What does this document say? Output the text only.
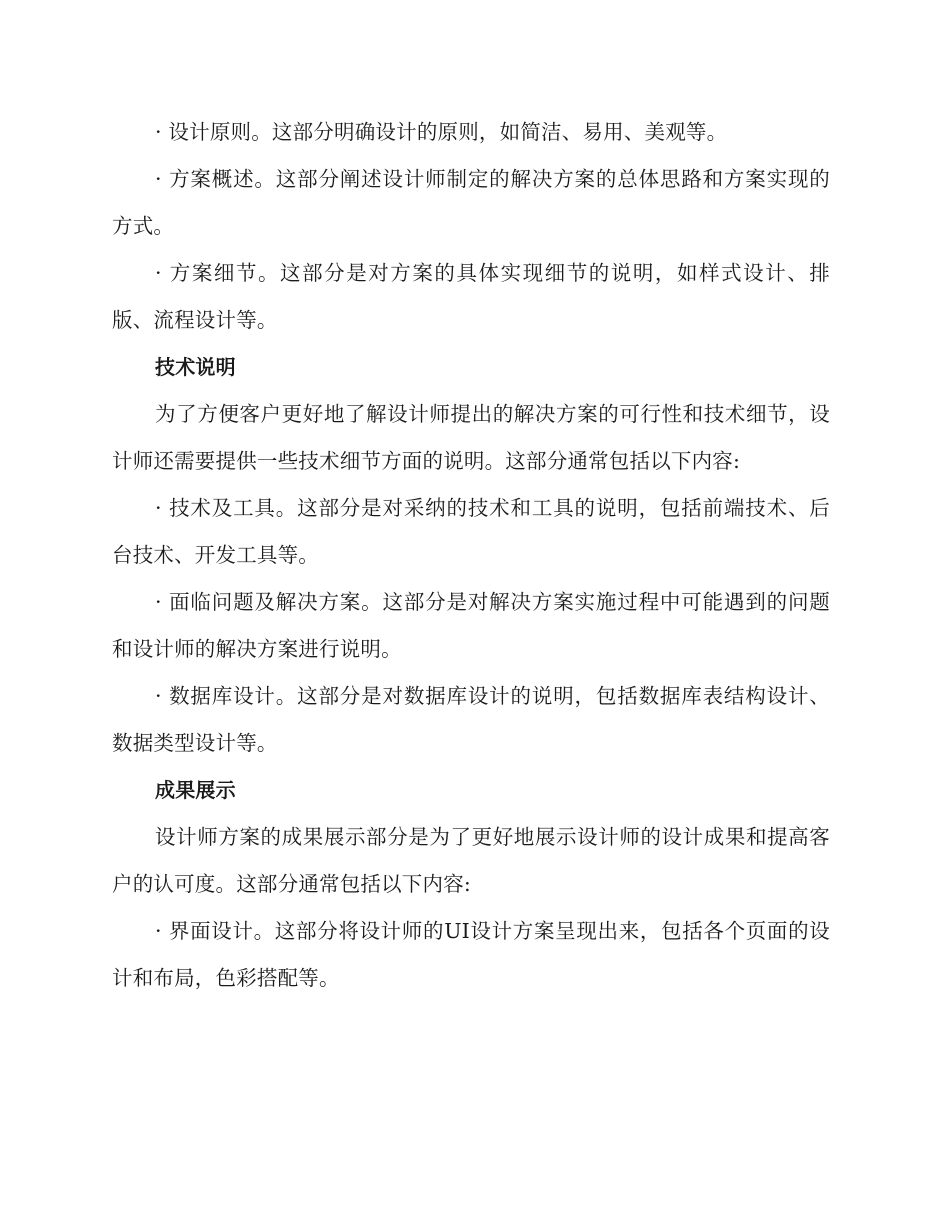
· 设计原则。这部分明确设计的原则，如简洁、易用、美观等。

· 方案概述。这部分阐述设计师制定的解决方案的总体思路和方案实现的方式。

· 方案细节。这部分是对方案的具体实现细节的说明，如样式设计、排版、流程设计等。

技术说明

为了方便客户更好地了解设计师提出的解决方案的可行性和技术细节，设计师还需要提供一些技术细节方面的说明。这部分通常包括以下内容:

· 技术及工具。这部分是对采纳的技术和工具的说明，包括前端技术、后台技术、开发工具等。

· 面临问题及解决方案。这部分是对解决方案实施过程中可能遇到的问题和设计师的解决方案进行说明。

· 数据库设计。这部分是对数据库设计的说明，包括数据库表结构设计、数据类型设计等。

成果展示

设计师方案的成果展示部分是为了更好地展示设计师的设计成果和提高客户的认可度。这部分通常包括以下内容:

· 界面设计。这部分将设计师的UI设计方案呈现出来，包括各个页面的设计和布局，色彩搭配等。
